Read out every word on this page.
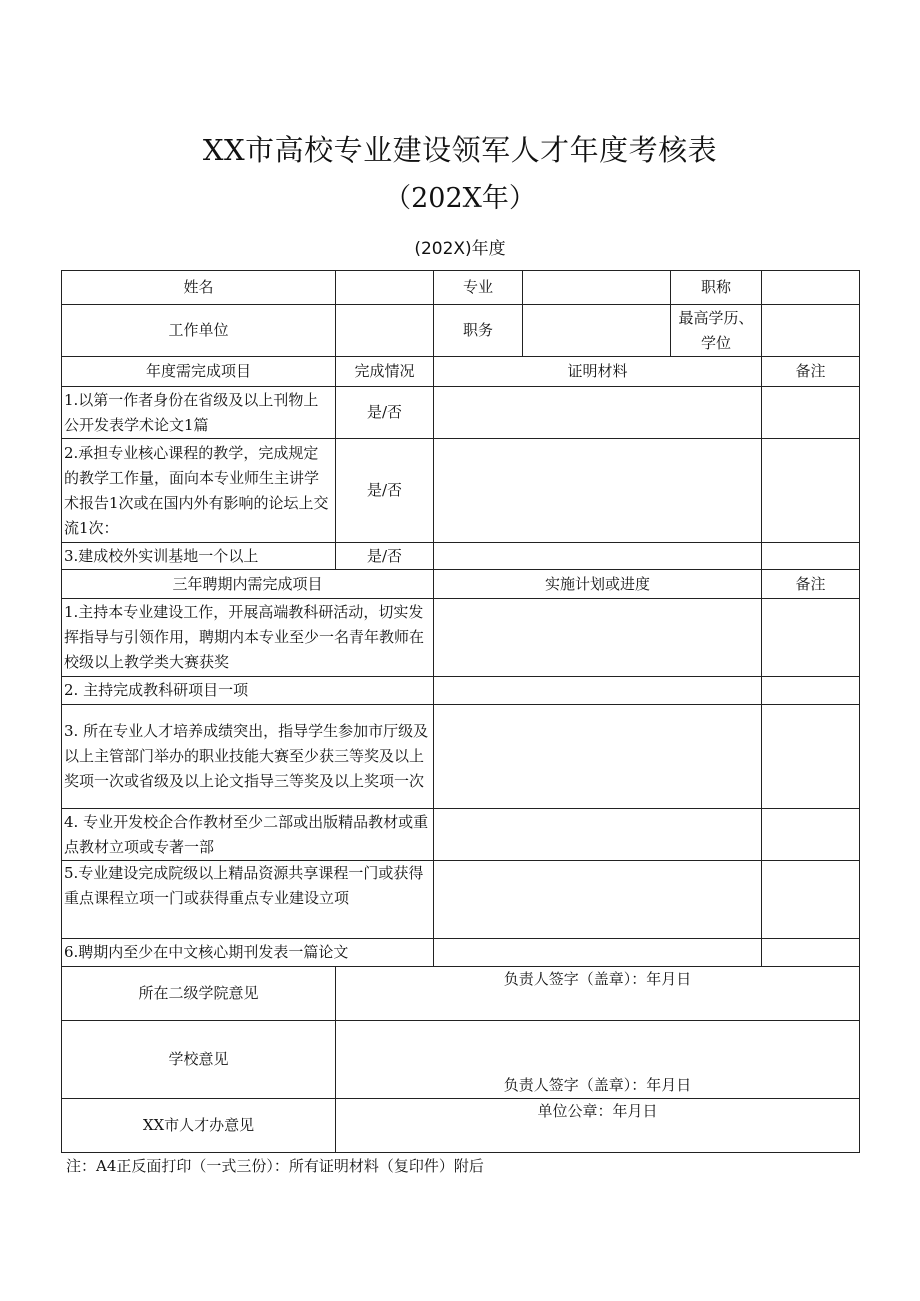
XX市高校专业建设领军人才年度考核表
（202X年）
(202X)年度
姓名		专业		职称	
工作单位		职务		最高学历、学位	
年度需完成项目	完成情况	证明材料			备注
1.以第一作者身份在省级及以上刊物上公开发表学术论文1篇	是/否				
2.承担专业核心课程的教学，完成规定的教学工作量，面向本专业师生主讲学术报告1次或在国内外有影响的论坛上交流1次：	是/否				
3.建成校外实训基地一个以上	是/否				
三年聘期内需完成项目		实施计划或进度			备注
1.主持本专业建设工作，开展高端教科研活动，切实发挥指导与引领作用，聘期内本专业至少一名青年教师在校级以上教学类大赛获奖					
2. 主持完成教科研项目一项					
3. 所在专业人才培养成绩突出，指导学生参加市厅级及以上主管部门举办的职业技能大赛至少获三等奖及以上奖项一次或省级及以上论文指导三等奖及以上奖项一次					
4. 专业开发校企合作教材至少二部或出版精品教材或重点教材立项或专著一部					
5.专业建设完成院级以上精品资源共享课程一门或获得重点课程立项一门或获得重点专业建设立项					
6.聘期内至少在中文核心期刊发表一篇论文					
所在二级学院意见	负责人签字（盖章）：年月日				

学校意见	负责人签字（盖章）：年月日				

XX市人才办意见	单位公章：年月日				
注：A4正反面打印（一式三份）：所有证明材料（复印件）附后
